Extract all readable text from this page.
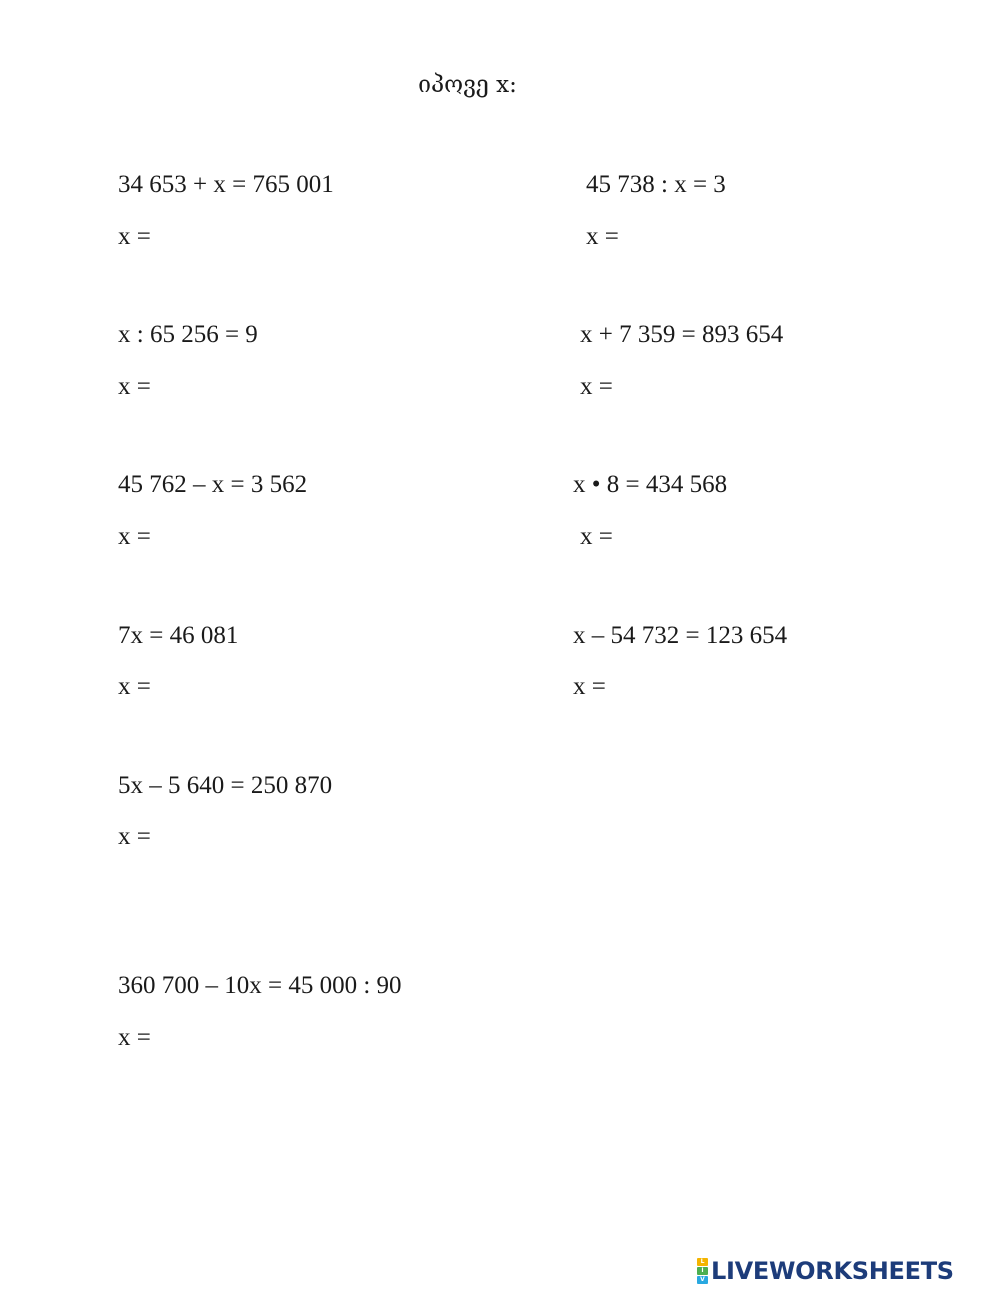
იპოვე x:
34 653 + x = 765 001
x =
45 738 : x = 3
x =
x : 65 256 = 9
x =
x + 7 359 = 893 654
x =
45 762 – x = 3 562
x =
x • 8 = 434 568
x =
7x = 46 081
x =
x – 54 732 = 123 654
x =
5x – 5 640 = 250 870
x =
360 700 – 10x = 45 000 : 90
x =
L
I
V LIVEWORKSHEETS
